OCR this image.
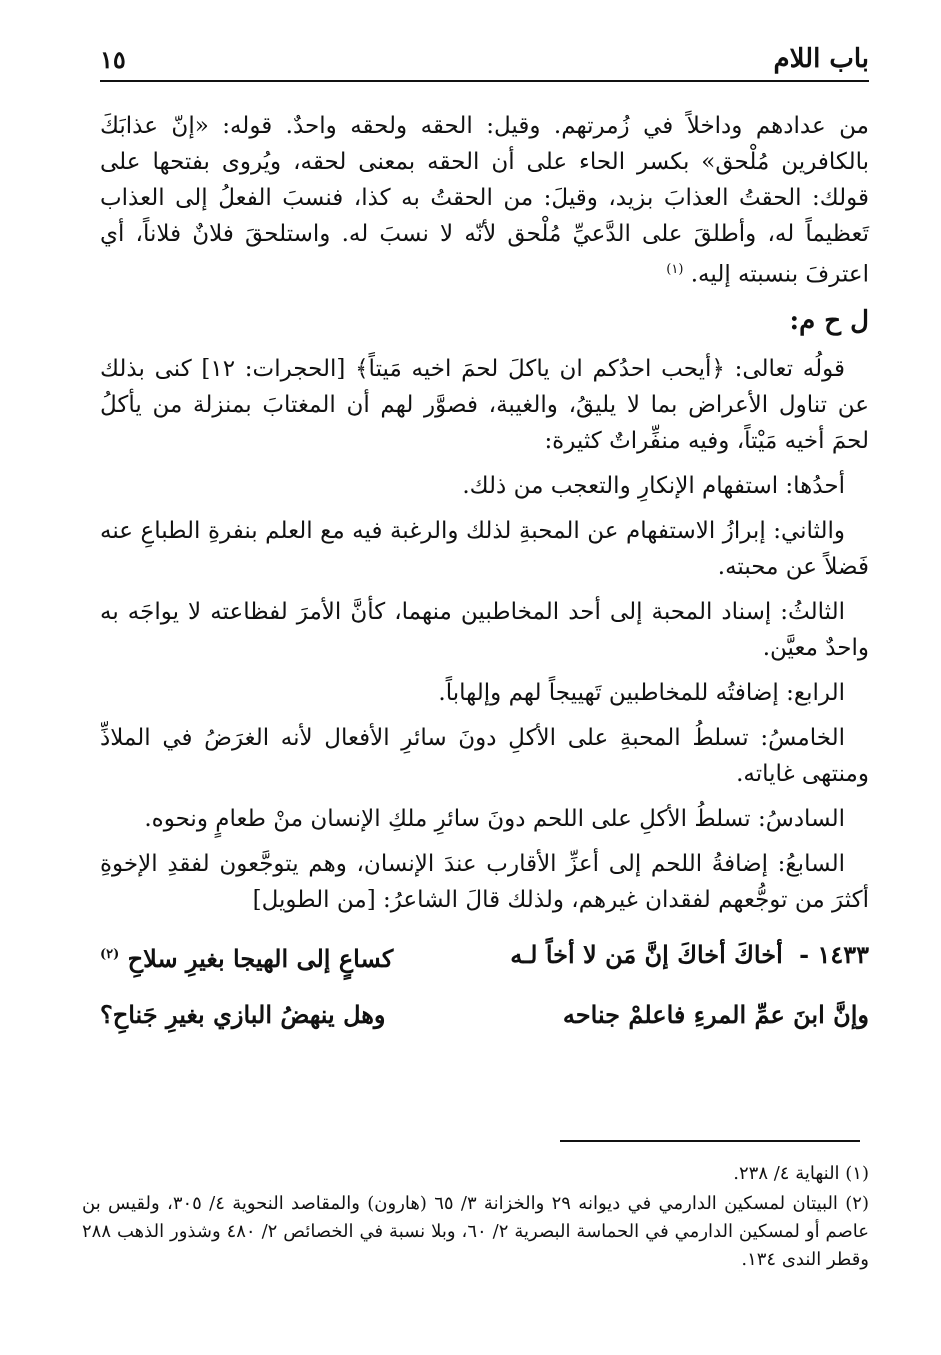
باب اللام
١٥

من عدادهم وداخلاً في زُمرتهم. وقيل: الحقه ولحقه واحدٌ. قوله: «إنّ عذابَكَ بالكافرين مُلْحق» بكسر الحاء على أن الحقه بمعنى لحقه، ويُروى بفتحها على قولك: الحقتُ العذابَ بزيد، وقيلَ: من الحقتُ به كذا، فنسبَ الفعلُ إلى العذاب تَعظيماً له، وأطلقَ على الدَّعيِّ مُلْحق لأنّه لا نسبَ له. واستلحقَ فلانٌ فلاناً، أي اعترفَ بنسبته إليه. $^{(١)}$

ل ح م:

قولُه تعالى: ﴿أيحب احدُكم ان ياكلَ لحمَ اخيه مَيتاً﴾ [الحجرات: ١٢] كنى بذلك عن تناول الأعراض بما لا يليقُ، والغيبة، فصوَّر لهم أن المغتابَ بمنزلة من يأكلُ لحمَ أخيه مَيْتاً، وفيه منفِّراتٌ كثيرة:

أحدُها: استفهام الإنكارِ والتعجب من ذلك.

والثاني: إبرازُ الاستفهام عن المحبةِ لذلك والرغبة فيه مع العلم بنفرةِ الطباعِ عنه فَضلاً عن محبته.

الثالثُ: إسناد المحبة إلى أحد المخاطبين منهما، كأنَّ الأمرَ لفظاعته لا يواجَه به واحدٌ معيَّن.

الرابع: إضافتُه للمخاطبين تَهييجاً لهم وإلهاباً.

الخامسُ: تسلطُ المحبةِ على الأكلِ دونَ سائرِ الأفعال لأنه الغرَضُ في الملاذِّ ومنتهى غاياته.

السادسُ: تسلطُ الأكلِ على اللحم دونَ سائرِ ملكِ الإنسان منْ طعامٍ ونحوه.

السابعُ: إضافةُ اللحم إلى أعزِّ الأقارب عندَ الإنسان، وهم يتوجَّعون لفقدِ الإخوةِ أكثرَ من توجُّعهم لفقدان غيرهم، ولذلك قالَ الشاعرُ: [من الطويل]

١٤٣٣ - أخاكَ أخاكَ إنَّ مَن لا أخاً لـه
كساعٍ إلى الهيجا بغيرِ سلاحِ $^{(٢)}$
وإنَّ ابنَ عمِّ المرءِ فاعلمْ جناحه
وهل ينهضُ البازي بغيرِ جَناحِ؟

(١) النهاية ٤/ ٢٣٨.

(٢) البيتان لمسكين الدارمي في ديوانه ٢٩ والخزانة ٣/ ٦٥ (هارون) والمقاصد النحوية ٤/ ٣٠٥، ولقيس بن عاصم أو لمسكين الدارمي في الحماسة البصرية ٢/ ٦٠، وبلا نسبة في الخصائص ٢/ ٤٨٠ وشذور الذهب ٢٨٨ وقطر الندى ١٣٤.
